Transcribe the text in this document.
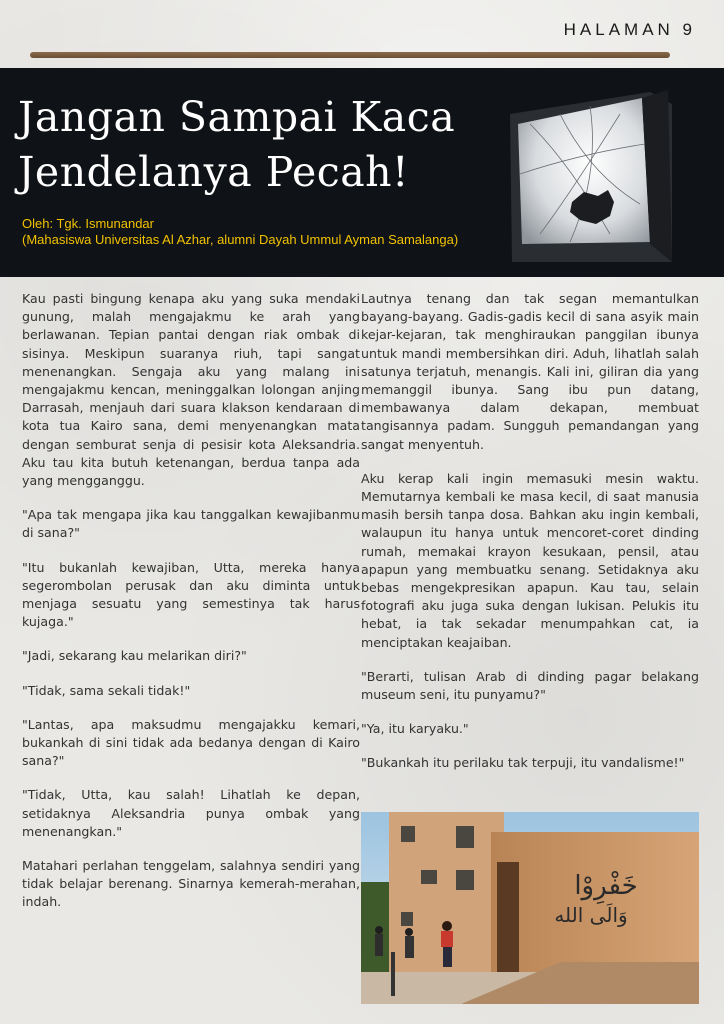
HALAMAN 9
Jangan Sampai Kaca
Jendelanya Pecah!
Oleh: Tgk. Ismunandar
(Mahasiswa Universitas Al Azhar, alumni Dayah Ummul Ayman Samalanga)

Kau pasti bingung kenapa aku yang suka mendaki gunung, malah mengajakmu ke arah yang berlawanan. Tepian pantai dengan riak ombak di sisinya. Meskipun suaranya riuh, tapi sangat menenangkan. Sengaja aku yang malang ini mengajakmu kencan, meninggalkan lolongan anjing Darrasah, menjauh dari suara klakson kendaraan di kota tua Kairo sana, demi menyenangkan mata dengan semburat senja di pesisir kota Aleksandria. Aku tau kita butuh ketenangan, berdua tanpa ada yang mengganggu.

"Apa tak mengapa jika kau tanggalkan kewajibanmu di sana?"

"Itu bukanlah kewajiban, Utta, mereka hanya segerombolan perusak dan aku diminta untuk menjaga sesuatu yang semestinya tak harus kujaga."

"Jadi, sekarang kau melarikan diri?"

"Tidak, sama sekali tidak!"

"Lantas, apa maksudmu mengajakku kemari, bukankah di sini tidak ada bedanya dengan di Kairo sana?"

"Tidak, Utta, kau salah! Lihatlah ke depan, setidaknya Aleksandria punya ombak yang menenangkan."

Matahari perlahan tenggelam, salahnya sendiri yang tidak belajar berenang. Sinarnya kemerah-merahan, indah.

Lautnya tenang dan tak segan memantulkan bayang-bayang. Gadis-gadis kecil di sana asyik main kejar-kejaran, tak menghiraukan panggilan ibunya untuk mandi membersihkan diri. Aduh, lihatlah salah satunya terjatuh, menangis. Kali ini, giliran dia yang memanggil ibunya. Sang ibu pun datang, membawanya dalam dekapan, membuat tangisannya padam. Sungguh pemandangan yang sangat menyentuh.

Aku kerap kali ingin memasuki mesin waktu. Memutarnya kembali ke masa kecil, di saat manusia masih bersih tanpa dosa. Bahkan aku ingin kembali, walaupun itu hanya untuk mencoret-coret dinding rumah, memakai krayon kesukaan, pensil, atau apapun yang membuatku senang. Setidaknya aku bebas mengekpresikan apapun. Kau tau, selain fotografi aku juga suka dengan lukisan. Pelukis itu hebat, ia tak sekadar menumpahkan cat, ia menciptakan keajaiban.

"Berarti, tulisan Arab di dinding pagar belakang museum seni, itu punyamu?"

"Ya, itu karyaku."

"Bukankah itu perilaku tak terpuji, itu vandalisme!"

خَفْرِوْا
وَالَى الله
